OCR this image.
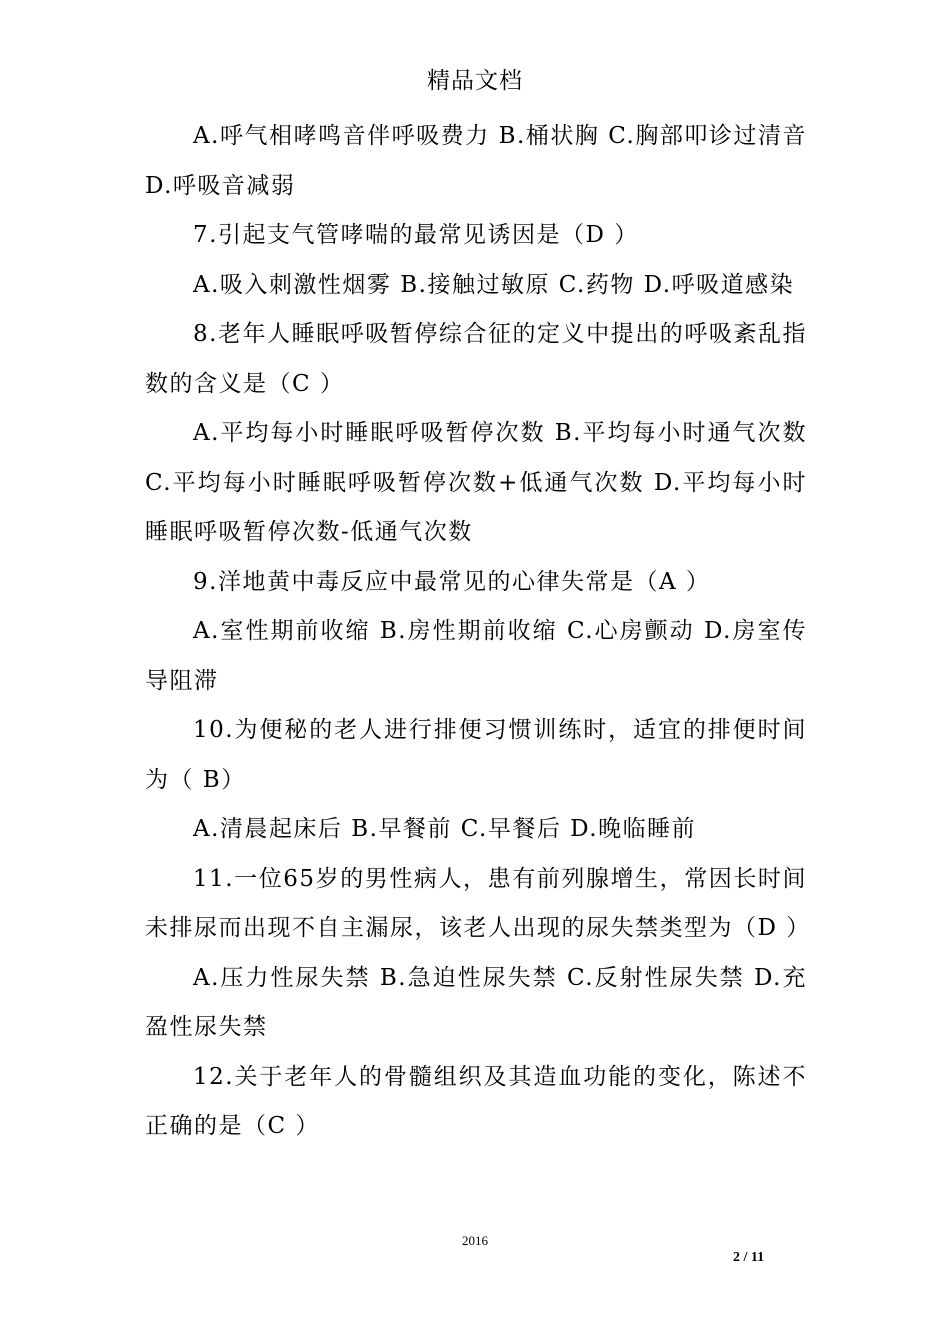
精品文档

A.呼气相哮鸣音伴呼吸费力 B.桶状胸 C.胸部叩诊过清音 D.呼吸音减弱

7.引起支气管哮喘的最常见诱因是（D ）

A.吸入刺激性烟雾 B.接触过敏原 C.药物 D.呼吸道感染

8.老年人睡眠呼吸暂停综合征的定义中提出的呼吸紊乱指数的含义是（C ）

A.平均每小时睡眠呼吸暂停次数 B.平均每小时通气次数 C.平均每小时睡眠呼吸暂停次数+低通气次数 D.平均每小时睡眠呼吸暂停次数-低通气次数

9.洋地黄中毒反应中最常见的心律失常是（A ）

A.室性期前收缩 B.房性期前收缩 C.心房颤动 D.房室传导阻滞

10.为便秘的老人进行排便习惯训练时，适宜的排便时间为（ B）

A.清晨起床后 B.早餐前 C.早餐后 D.晚临睡前

11.一位65岁的男性病人，患有前列腺增生，常因长时间未排尿而出现不自主漏尿，该老人出现的尿失禁类型为（D ）

A.压力性尿失禁 B.急迫性尿失禁 C.反射性尿失禁 D.充盈性尿失禁

12.关于老年人的骨髓组织及其造血功能的变化，陈述不正确的是（C ）

2016
2 / 11
